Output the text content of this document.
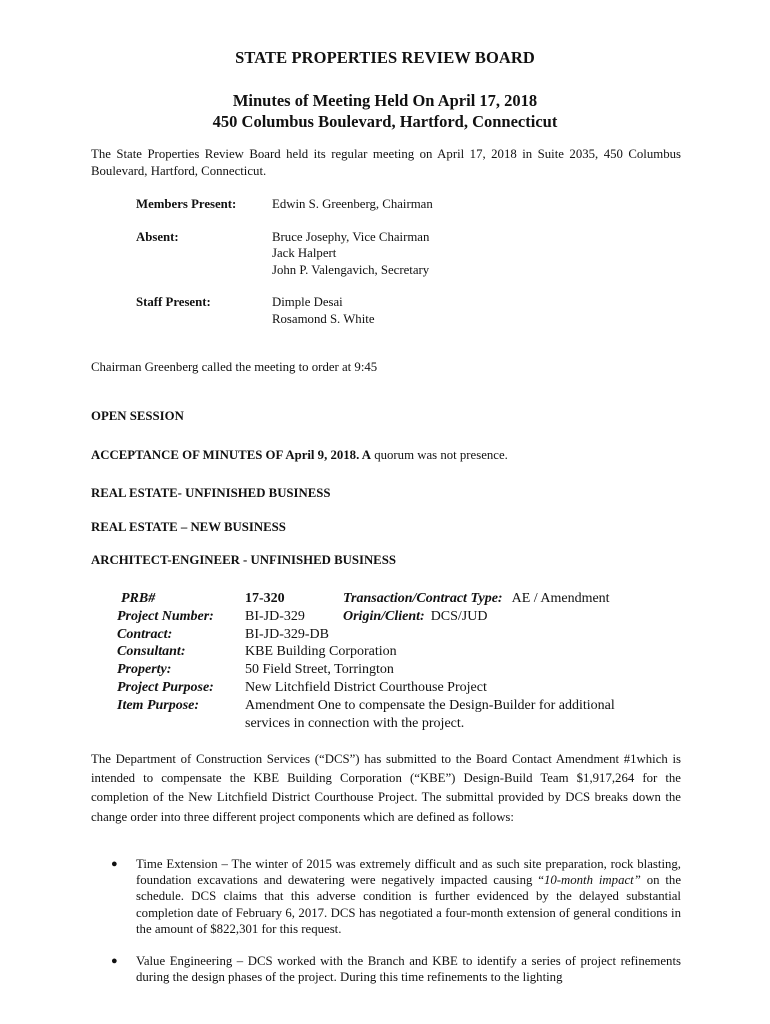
STATE PROPERTIES REVIEW BOARD
Minutes of Meeting Held On April 17, 2018
450 Columbus Boulevard, Hartford, Connecticut
The State Properties Review Board held its regular meeting on April 17, 2018 in Suite 2035, 450 Columbus Boulevard, Hartford, Connecticut.
Members Present:	Edwin S. Greenberg, Chairman
Absent:	Bruce Josephy, Vice Chairman
Jack Halpert
John P. Valengavich, Secretary
Staff Present:	Dimple Desai
Rosamond S. White
Chairman Greenberg called the meeting to order at 9:45
OPEN SESSION
ACCEPTANCE OF MINUTES OF April 9, 2018. A quorum was not presence.
REAL ESTATE- UNFINISHED BUSINESS
REAL ESTATE – NEW BUSINESS
ARCHITECT-ENGINEER - UNFINISHED BUSINESS
PRB#	17-320	Transaction/Contract Type: AE / Amendment
Project Number:	BI-JD-329	Origin/Client: DCS/JUD
Contract:	BI-JD-329-DB
Consultant:	KBE Building Corporation
Property:	50 Field Street, Torrington
Project Purpose:	New Litchfield District Courthouse Project
Item Purpose:	Amendment One to compensate the Design-Builder for additional
services in connection with the project.
The Department of Construction Services (“DCS”) has submitted to the Board Contact Amendment #1which is intended to compensate the KBE Building Corporation (“KBE”) Design-Build Team $1,917,264 for the completion of the New Litchfield District Courthouse Project. The submittal provided by DCS breaks down the change order into three different project components which are defined as follows:
●	Time Extension – The winter of 2015 was extremely difficult and as such site preparation, rock blasting, foundation excavations and dewatering were negatively impacted causing “10-month impact” on the schedule. DCS claims that this adverse condition is further evidenced by the delayed substantial completion date of February 6, 2017. DCS has negotiated a four-month extension of general conditions in the amount of $822,301 for this request.
●	Value Engineering – DCS worked with the Branch and KBE to identify a series of project refinements during the design phases of the project. During this time refinements to the lighting
